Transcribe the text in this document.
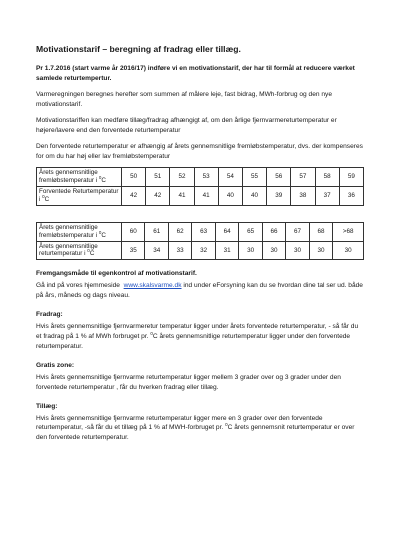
Motivationstarif – beregning af fradrag eller tillæg.

Pr 1.7.2016 (start varme år 2016/17) indføre vi en motivationstarif, der har til formål at reducere værket samlede returtempertur.

Varmeregningen beregnes herefter som summen af målere leje, fast bidrag, MWh-forbrug og den nye motivationstarif.

Motivationstariffen kan medføre tillæg/fradrag afhængigt af, om den årlige fjernvarmereturtemperatur er højere/lavere end den forventede returtemperatur

Den forventede returtemperatur er afhængig af årets gennemsnitlige fremløbstemperatur, dvs. der kompenseres for om du har høj eller lav fremløbstemperatur

Årets gennemsnitlige fremløbstemperatur i $^0$C	50	51	52	53	54	55	56	57	58	59
Forventede Returtemperatur i $^0$C	42	42	41	41	40	40	39	38	37	36
Årets gennemsnitlige fremløbstemperatur i $^0$C	60	61	62	63	64	65	66	67	68	>68
Årets gennemsnitlige returtemperatur i $^0$C	35	34	33	32	31	30	30	30	30	30
Fremgangsmåde til egenkontrol af motivationstarif.

Gå ind på vores hjemmeside www.skalsvarme.dk ind under eForsyning kan du se hvordan dine tal ser ud. både på års, måneds og dags niveau.

Fradrag:

Hvis årets gennemsnitlige fjernvarmeretur temperatur ligger under årets forventede returtemperatur, - så får du et fradrag på 1 % af MWh forbruget pr. $^0$C årets gennemsnitlige returtemperatur ligger under den forventede returtemperatur.

Gratis zone:

Hvis årets gennemsnitlige fjernvarme returtemperatur ligger mellem 3 grader over og 3 grader under den forventede returtemperatur , får du hverken fradrag eller tillæg.

Tillæg:

Hvis årets gennemsnitlige fjernvarme returtemperatur ligger mere en 3 grader over den forventede returtemperatur, -så får du et tillæg på 1 % af MWH-forbruget pr. $^0$C årets gennemsnit returtemperatur er over den forventede returtemperatur.
